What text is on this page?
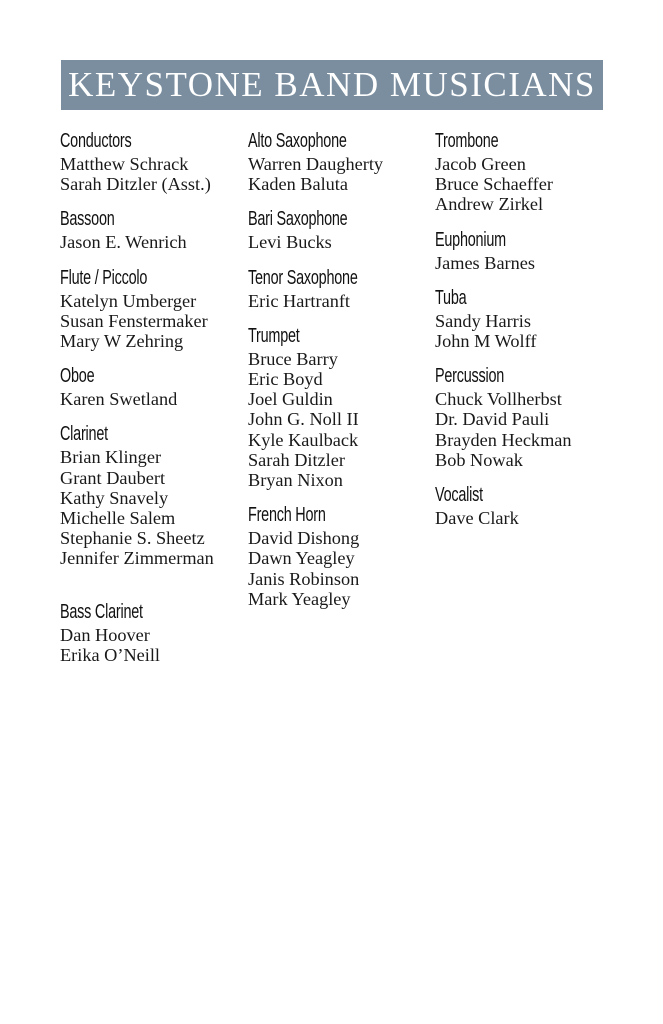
KEYSTONE BAND MUSICIANS
Conductors
Matthew Schrack
Sarah Ditzler (Asst.)
Bassoon
Jason E. Wenrich
Flute / Piccolo
Katelyn Umberger
Susan Fenstermaker
Mary W Zehring
Oboe
Karen Swetland
Clarinet
Brian Klinger
Grant Daubert
Kathy Snavely
Michelle Salem
Stephanie S. Sheetz
Jennifer Zimmerman
Bass Clarinet
Dan Hoover
Erika O’Neill
Alto Saxophone
Warren Daugherty
Kaden Baluta
Bari Saxophone
Levi Bucks
Tenor Saxophone
Eric Hartranft
Trumpet
Bruce Barry
Eric Boyd
Joel Guldin
John G. Noll II
Kyle Kaulback
Sarah Ditzler
Bryan Nixon
French Horn
David Dishong
Dawn Yeagley
Janis Robinson
Mark Yeagley
Trombone
Jacob Green
Bruce Schaeffer
Andrew Zirkel
Euphonium
James Barnes
Tuba
Sandy Harris
John M Wolff
Percussion
Chuck Vollherbst
Dr. David Pauli
Brayden Heckman
Bob Nowak
Vocalist
Dave Clark
